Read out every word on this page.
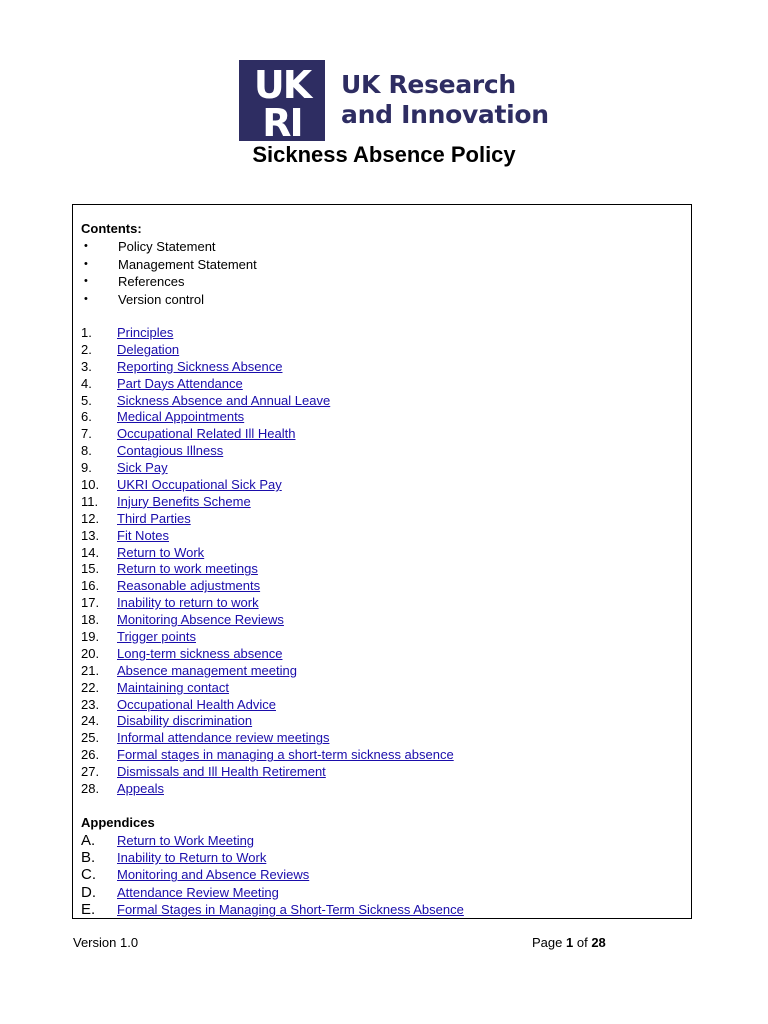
UK
RI
UK Research
and Innovation
Sickness Absence Policy
Contents:
• Policy Statement
• Management Statement
• References
• Version control
1. Principles
2. Delegation
3. Reporting Sickness Absence
4. Part Days Attendance
5. Sickness Absence and Annual Leave
6. Medical Appointments
7. Occupational Related Ill Health
8. Contagious Illness
9. Sick Pay
10. UKRI Occupational Sick Pay
11. Injury Benefits Scheme
12. Third Parties
13. Fit Notes
14. Return to Work
15. Return to work meetings
16. Reasonable adjustments
17. Inability to return to work
18. Monitoring Absence Reviews
19. Trigger points
20. Long-term sickness absence
21. Absence management meeting
22. Maintaining contact
23. Occupational Health Advice
24. Disability discrimination
25. Informal attendance review meetings
26. Formal stages in managing a short-term sickness absence
27. Dismissals and Ill Health Retirement
28. Appeals
Appendices
A. Return to Work Meeting
B. Inability to Return to Work
C. Monitoring and Absence Reviews
D. Attendance Review Meeting
E. Formal Stages in Managing a Short-Term Sickness Absence
Version 1.0	Page 1 of 28
